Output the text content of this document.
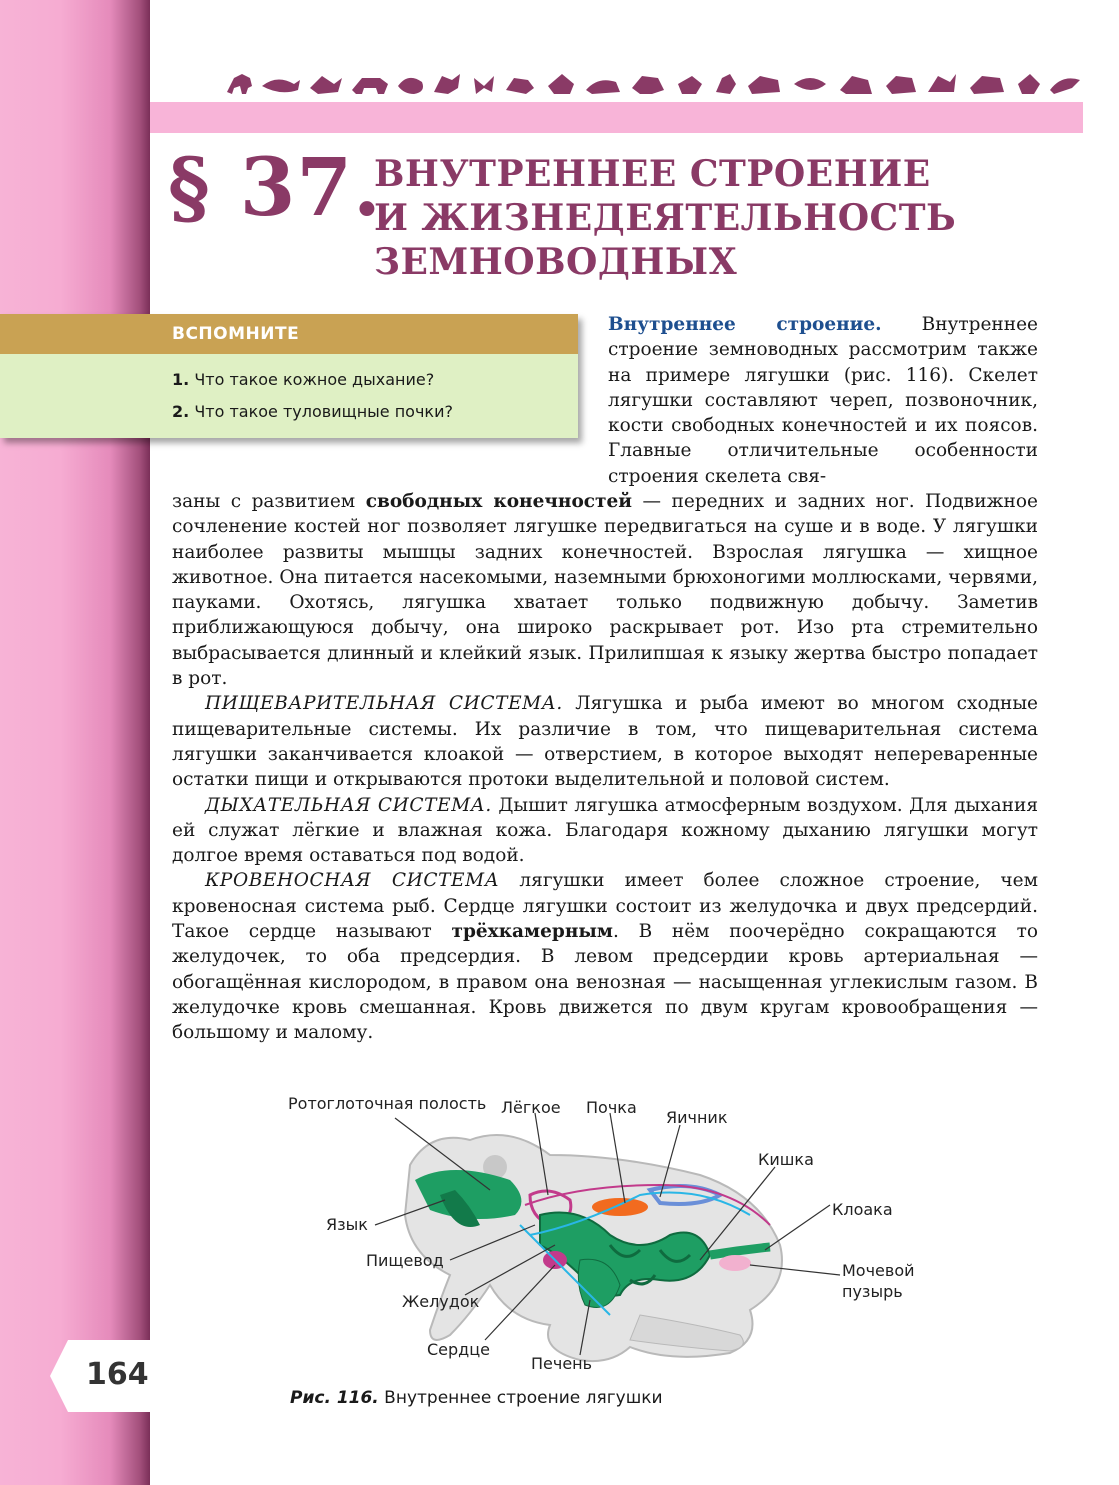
§ 37.
ВНУТРЕННЕЕ СТРОЕНИЕ
И ЖИЗНЕДЕЯТЕЛЬНОСТЬ
ЗЕМНОВОДНЫХ
ВСПОМНИТЕ
1. Что такое кожное дыхание?
2. Что такое туловищные почки?

Внутреннее строение. Внутреннее строение земноводных рассмотрим также на примере лягушки (рис. 116). Скелет лягушки составляют череп, позвоночник, кости свободных конечностей и их поясов. Главные отличительные особенности строения скелета свя-

заны с развитием свободных конечностей — передних и задних ног. Подвижное сочленение костей ног позволяет лягушке передвигаться на суше и в воде. У лягушки наиболее развиты мышцы задних конечностей. Взрослая лягушка — хищное животное. Она питается насекомыми, наземными брюхоногими моллюсками, червями, пауками. Охотясь, лягушка хватает только подвижную добычу. Заметив приближающуюся добычу, она широко раскрывает рот. Изо рта стремительно выбрасывается длинный и клейкий язык. Прилипшая к языку жертва быстро попадает в рот.

ПИЩЕВАРИТЕЛЬНАЯ СИСТЕМА. Лягушка и рыба имеют во многом сходные пищеварительные системы. Их различие в том, что пищеварительная система лягушки заканчивается клоакой — отверстием, в которое выходят непереваренные остатки пищи и открываются протоки выделительной и половой систем.

ДЫХАТЕЛЬНАЯ СИСТЕМА. Дышит лягушка атмосферным воздухом. Для дыхания ей служат лёгкие и влажная кожа. Благодаря кожному дыханию лягушки могут долгое время оставаться под водой.

КРОВЕНОСНАЯ СИСТЕМА лягушки имеет более сложное строение, чем кровеносная система рыб. Сердце лягушки состоит из желудочка и двух предсердий. Такое сердце называют трёхкамерным. В нём поочерёдно сокращаются то желудочек, то оба предсердия. В левом предсердии кровь артериальная — обогащённая кислородом, в правом она венозная — насыщенная углекислым газом. В желудочке кровь смешанная. Кровь движется по двум кругам кровообращения — большому и малому.

Ротоглоточная полость Лёгкое Почка
Яичник
Кишка
Клоака
Мочевой пузырь
Язык
Пищевод
Желудок
Сердце
Печень
Рис. 116. Внутреннее строение лягушки
164
